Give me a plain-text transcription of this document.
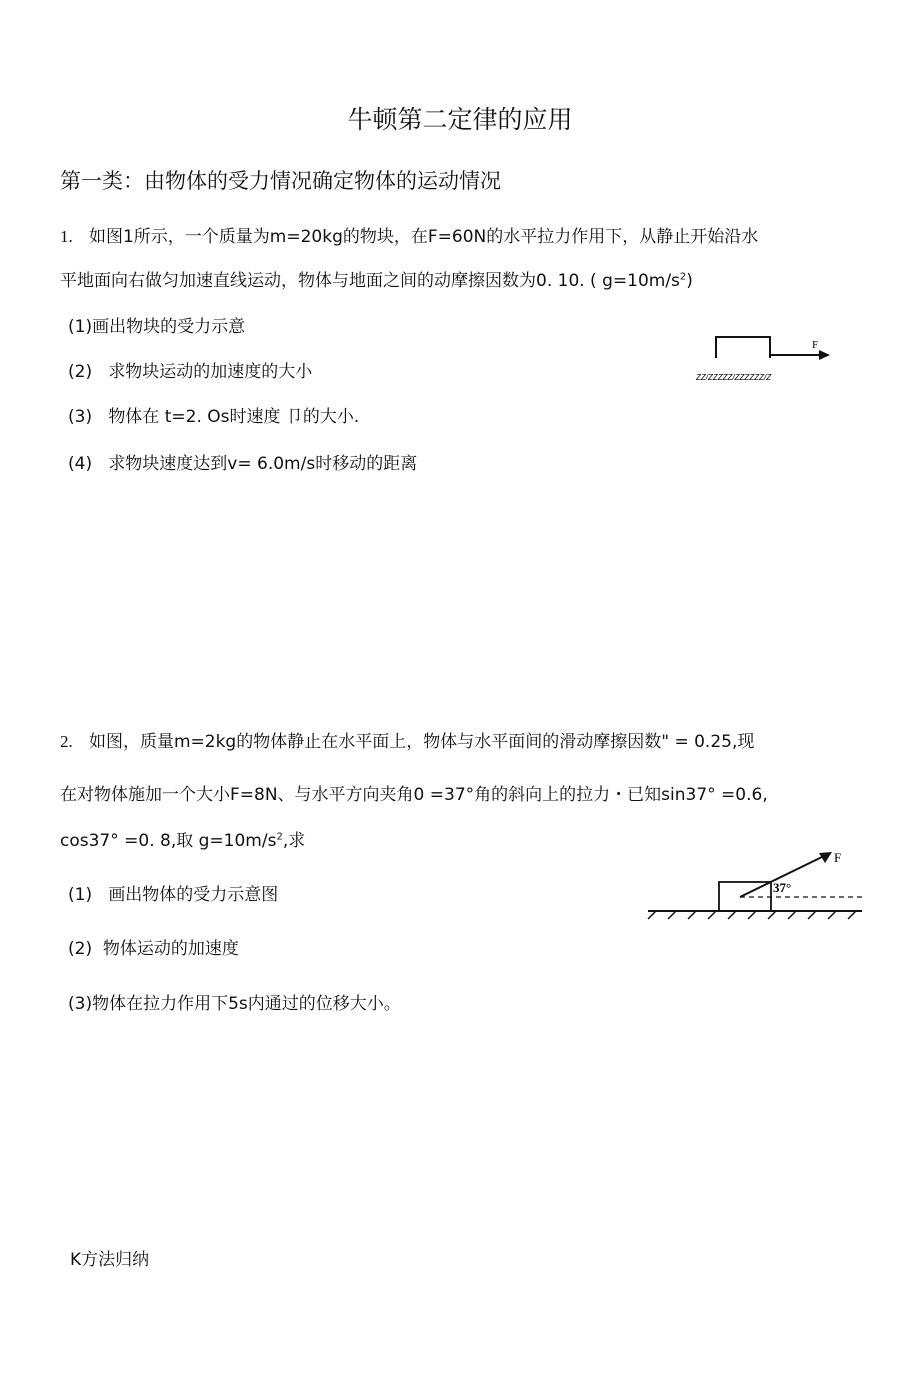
牛顿第二定律的应用
第一类：由物体的受力情况确定物体的运动情况
1. 如图1所示，一个质量为m=20kg的物块，在F=60N的水平拉力作用下，从静止开始沿水
平地面向右做匀加速直线运动，物体与地面之间的动摩擦因数为0. 10. ( $g=10m/s^2$)
(1)画出物块的受力示意
(2) 求物块运动的加速度的大小
(3) 物体在 t=2. Os时速度 卩的大小.
(4) 求物块速度达到v= 6.0m/s时移动的距离
F
ZZ/ZZZZZ/ZZZZZZ/Z
2. 如图，质量m=2kg的物体静止在水平面上，物体与水平面间的滑动摩擦因数" = 0.25,现
在对物体施加一个大小F=8N、与水平方向夹角0 =37°角的斜向上的拉力・已知sin37° =0.6,
cos37° =0. 8,取 $g=10m/s^2$,求
(1) 画出物体的受力示意图
(2) 物体运动的加速度
(3)物体在拉力作用下5s内通过的位移大小。
F
37°
K方法归纳
